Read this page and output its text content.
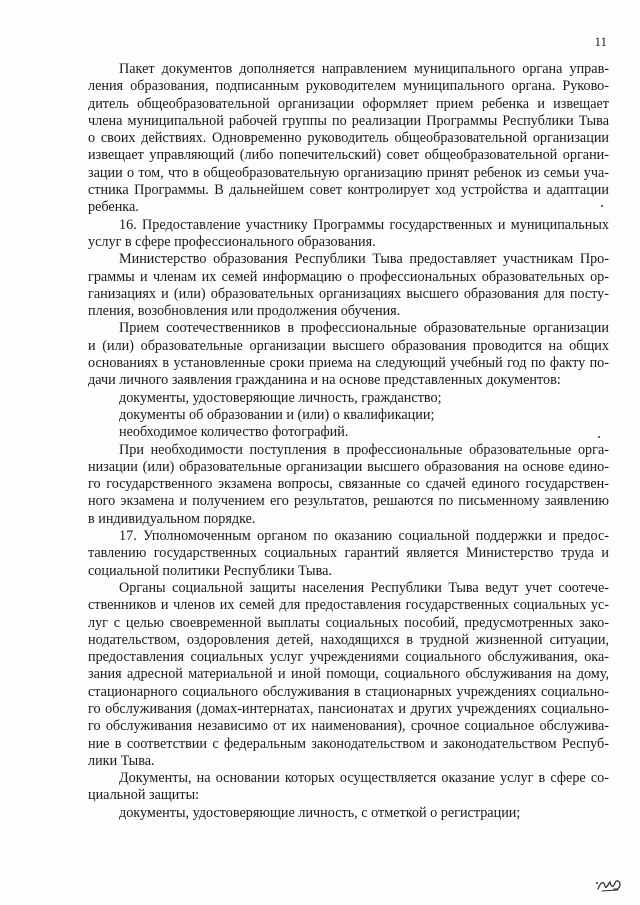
11
Пакет документов дополняется направлением муниципального органа управ-
ления образования, подписанным руководителем муниципального органа. Руково-
дитель общеобразовательной организации оформляет прием ребенка и извещает
члена муниципальной рабочей группы по реализации Программы Республики Тыва
о своих действиях. Одновременно руководитель общеобразовательной организации
извещает управляющий (либо попечительский) совет общеобразовательной органи-
зации о том, что в общеобразовательную организацию принят ребенок из семьи уча-
стника Программы. В дальнейшем совет контролирует ход устройства и адаптации
ребенка.
16. Предоставление участнику Программы государственных и муниципальных
услуг в сфере профессионального образования.
Министерство образования Республики Тыва предоставляет участникам Про-
граммы и членам их семей информацию о профессиональных образовательных ор-
ганизациях и (или) образовательных организациях высшего образования для посту-
пления, возобновления или продолжения обучения.
Прием соотечественников в профессиональные образовательные организации
и (или) образовательные организации высшего образования проводится на общих
основаниях в установленные сроки приема на следующий учебный год по факту по-
дачи личного заявления гражданина и на основе представленных документов:
документы, удостоверяющие личность, гражданство;
документы об образовании и (или) о квалификации;
необходимое количество фотографий.
При необходимости поступления в профессиональные образовательные орга-
низации (или) образовательные организации высшего образования на основе едино-
го государственного экзамена вопросы, связанные со сдачей единого государствен-
ного экзамена и получением его результатов, решаются по письменному заявлению
в индивидуальном порядке.
17. Уполномоченным органом по оказанию социальной поддержки и предос-
тавлению государственных социальных гарантий является Министерство труда и
социальной политики Республики Тыва.
Органы социальной защиты населения Республики Тыва ведут учет соотече-
ственников и членов их семей для предоставления государственных социальных ус-
луг с целью своевременной выплаты социальных пособий, предусмотренных зако-
нодательством, оздоровления детей, находящихся в трудной жизненной ситуации,
предоставления социальных услуг учреждениями социального обслуживания, ока-
зания адресной материальной и иной помощи, социального обслуживания на дому,
стационарного социального обслуживания в стационарных учреждениях социально-
го обслуживания (домах-интернатах, пансионатах и других учреждениях социально-
го обслуживания независимо от их наименования), срочное социальное обслужива-
ние в соответствии с федеральным законодательством и законодательством Респуб-
лики Тыва.
Документы, на основании которых осуществляется оказание услуг в сфере со-
циальной защиты:
документы, удостоверяющие личность, с отметкой о регистрации;
